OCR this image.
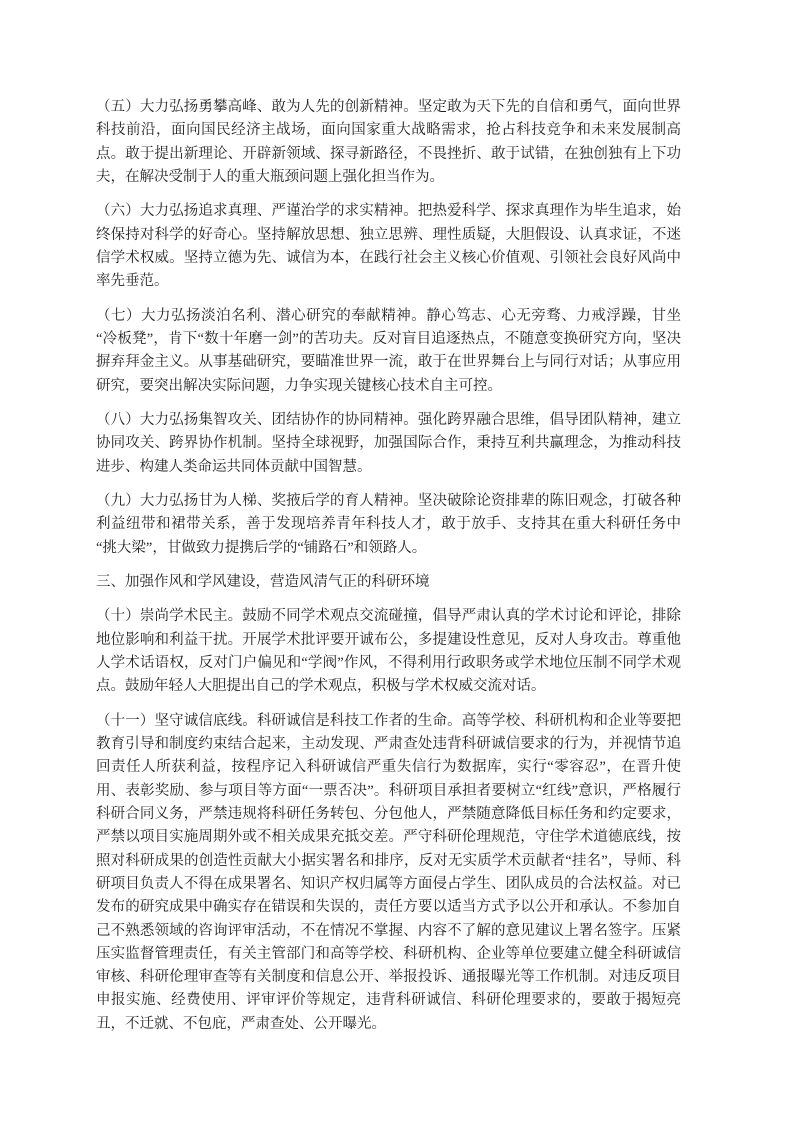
（五）大力弘扬勇攀高峰、敢为人先的创新精神。坚定敢为天下先的自信和勇气，面向世界科技前沿，面向国民经济主战场，面向国家重大战略需求，抢占科技竞争和未来发展制高点。敢于提出新理论、开辟新领域、探寻新路径，不畏挫折、敢于试错，在独创独有上下功夫，在解决受制于人的重大瓶颈问题上强化担当作为。

（六）大力弘扬追求真理、严谨治学的求实精神。把热爱科学、探求真理作为毕生追求，始终保持对科学的好奇心。坚持解放思想、独立思辨、理性质疑，大胆假设、认真求证，不迷信学术权威。坚持立德为先、诚信为本，在践行社会主义核心价值观、引领社会良好风尚中率先垂范。

（七）大力弘扬淡泊名利、潜心研究的奉献精神。静心笃志、心无旁骛、力戒浮躁，甘坐“冷板凳”，肯下“数十年磨一剑”的苦功夫。反对盲目追逐热点，不随意变换研究方向，坚决摒弃拜金主义。从事基础研究，要瞄准世界一流，敢于在世界舞台上与同行对话；从事应用研究，要突出解决实际问题，力争实现关键核心技术自主可控。

（八）大力弘扬集智攻关、团结协作的协同精神。强化跨界融合思维，倡导团队精神，建立协同攻关、跨界协作机制。坚持全球视野，加强国际合作，秉持互利共赢理念，为推动科技进步、构建人类命运共同体贡献中国智慧。

（九）大力弘扬甘为人梯、奖掖后学的育人精神。坚决破除论资排辈的陈旧观念，打破各种利益纽带和裙带关系，善于发现培养青年科技人才，敢于放手、支持其在重大科研任务中“挑大梁”，甘做致力提携后学的“铺路石”和领路人。

三、加强作风和学风建设，营造风清气正的科研环境

（十）崇尚学术民主。鼓励不同学术观点交流碰撞，倡导严肃认真的学术讨论和评论，排除地位影响和利益干扰。开展学术批评要开诚布公，多提建设性意见，反对人身攻击。尊重他人学术话语权，反对门户偏见和“学阀”作风，不得利用行政职务或学术地位压制不同学术观点。鼓励年轻人大胆提出自己的学术观点，积极与学术权威交流对话。

（十一）坚守诚信底线。科研诚信是科技工作者的生命。高等学校、科研机构和企业等要把教育引导和制度约束结合起来，主动发现、严肃查处违背科研诚信要求的行为，并视情节追回责任人所获利益，按程序记入科研诚信严重失信行为数据库，实行“零容忍”，在晋升使用、表彰奖励、参与项目等方面“一票否决”。科研项目承担者要树立“红线”意识，严格履行科研合同义务，严禁违规将科研任务转包、分包他人，严禁随意降低目标任务和约定要求，严禁以项目实施周期外或不相关成果充抵交差。严守科研伦理规范，守住学术道德底线，按照对科研成果的创造性贡献大小据实署名和排序，反对无实质学术贡献者“挂名”，导师、科研项目负责人不得在成果署名、知识产权归属等方面侵占学生、团队成员的合法权益。对已发布的研究成果中确实存在错误和失误的，责任方要以适当方式予以公开和承认。不参加自己不熟悉领域的咨询评审活动，不在情况不掌握、内容不了解的意见建议上署名签字。压紧压实监督管理责任，有关主管部门和高等学校、科研机构、企业等单位要建立健全科研诚信审核、科研伦理审查等有关制度和信息公开、举报投诉、通报曝光等工作机制。对违反项目申报实施、经费使用、评审评价等规定，违背科研诚信、科研伦理要求的，要敢于揭短亮丑，不迁就、不包庇，严肃查处、公开曝光。
